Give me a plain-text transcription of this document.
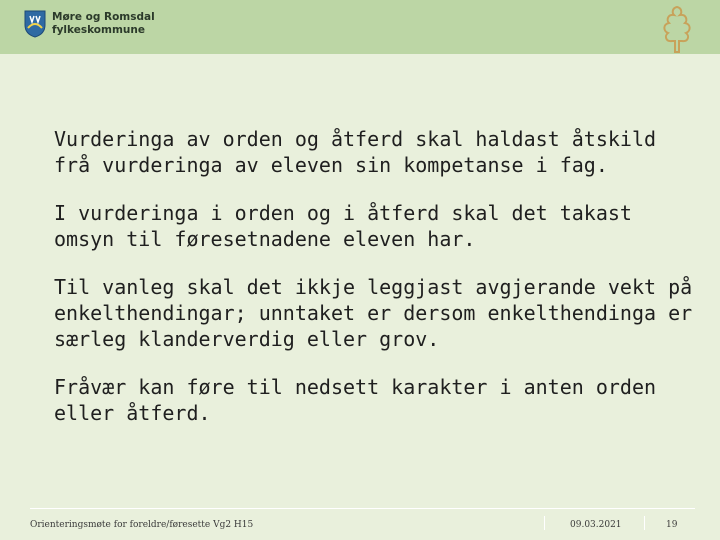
Møre og Romsdal
fylkeskommune

Vurderinga av orden og åtferd skal haldast åtskild frå vurderinga av eleven sin kompetanse i fag.

I vurderinga i orden og i åtferd skal det takast omsyn til føresetnadene eleven har.

Til vanleg skal det ikkje leggjast avgjerande vekt på enkelthendingar; unntaket er dersom enkelthendinga er særleg klanderverdig eller grov.

Fråvær kan føre til nedsett karakter i anten orden eller åtferd.

Orienteringsmøte for foreldre/føresette Vg2 H15	09.03.2021	19
